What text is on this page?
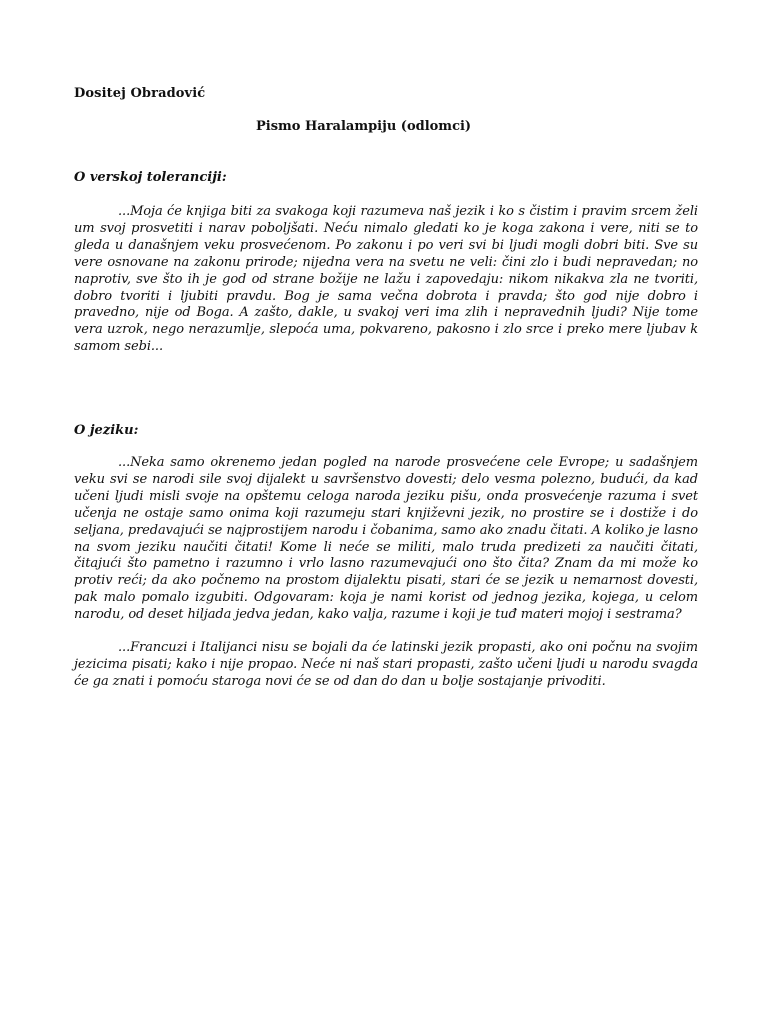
Dositej Obradović
Pismo Haralampiju (odlomci)
O verskoj toleranciji:
...Moja će knjiga biti za svakoga koji razumeva naš jezik i ko s čistim i pravim srcem želi um svoj prosvetiti i narav poboljšati. Neću nimalo gledati ko je koga zakona i vere, niti se to gleda u današnjem veku prosvećenom. Po zakonu i po veri svi bi ljudi mogli dobri biti. Sve su vere osnovane na zakonu prirode; nijedna vera na svetu ne veli: čini zlo i budi nepravedan; no naprotiv, sve što ih je god od strane božije ne lažu i zapovedaju: nikom nikakva zla ne tvoriti, dobro tvoriti i ljubiti pravdu. Bog je sama večna dobrota i pravda; što god nije dobro i pravedno, nije od Boga. A zašto, dakle, u svakoj veri ima zlih i nepravednih ljudi? Nije tome vera uzrok, nego nerazumlje, slepoća uma, pokvareno, pakosno i zlo srce i preko mere ljubav k samom sebi...
O jeziku:
...Neka samo okrenemo jedan pogled na narode prosvećene cele Evrope; u sadašnjem veku svi se narodi sile svoj dijalekt u savršenstvo dovesti; delo vesma polezno, budući, da kad učeni ljudi misli svoje na opštemu celoga naroda jeziku pišu, onda prosvećenje razuma i svet učenja ne ostaje samo onima koji razumeju stari književni jezik, no prostire se i dostiže i do seljana, predavajući se najprostijem narodu i čobanima, samo ako znadu čitati. A koliko je lasno na svom jeziku naučiti čitati! Kome li neće se militi, malo truda predizeti za naučiti čitati, čitajući što pametno i razumno i vrlo lasno razumevajući ono što čita? Znam da mi može ko protiv reći; da ako počnemo na prostom dijalektu pisati, stari će se jezik u nemarnost dovesti, pak malo pomalo izgubiti. Odgovaram: koja je nami korist od jednog jezika, kojega, u celom narodu, od deset hiljada jedva jedan, kako valja, razume i koji je tuđ materi mojoj i sestrama?
...Francuzi i Italijanci nisu se bojali da će latinski jezik propasti, ako oni počnu na svojim jezicima pisati; kako i nije propao. Neće ni naš stari propasti, zašto učeni ljudi u narodu svagda će ga znati i pomoću staroga novi će se od dan do dan u bolje sostajanje privoditi.
